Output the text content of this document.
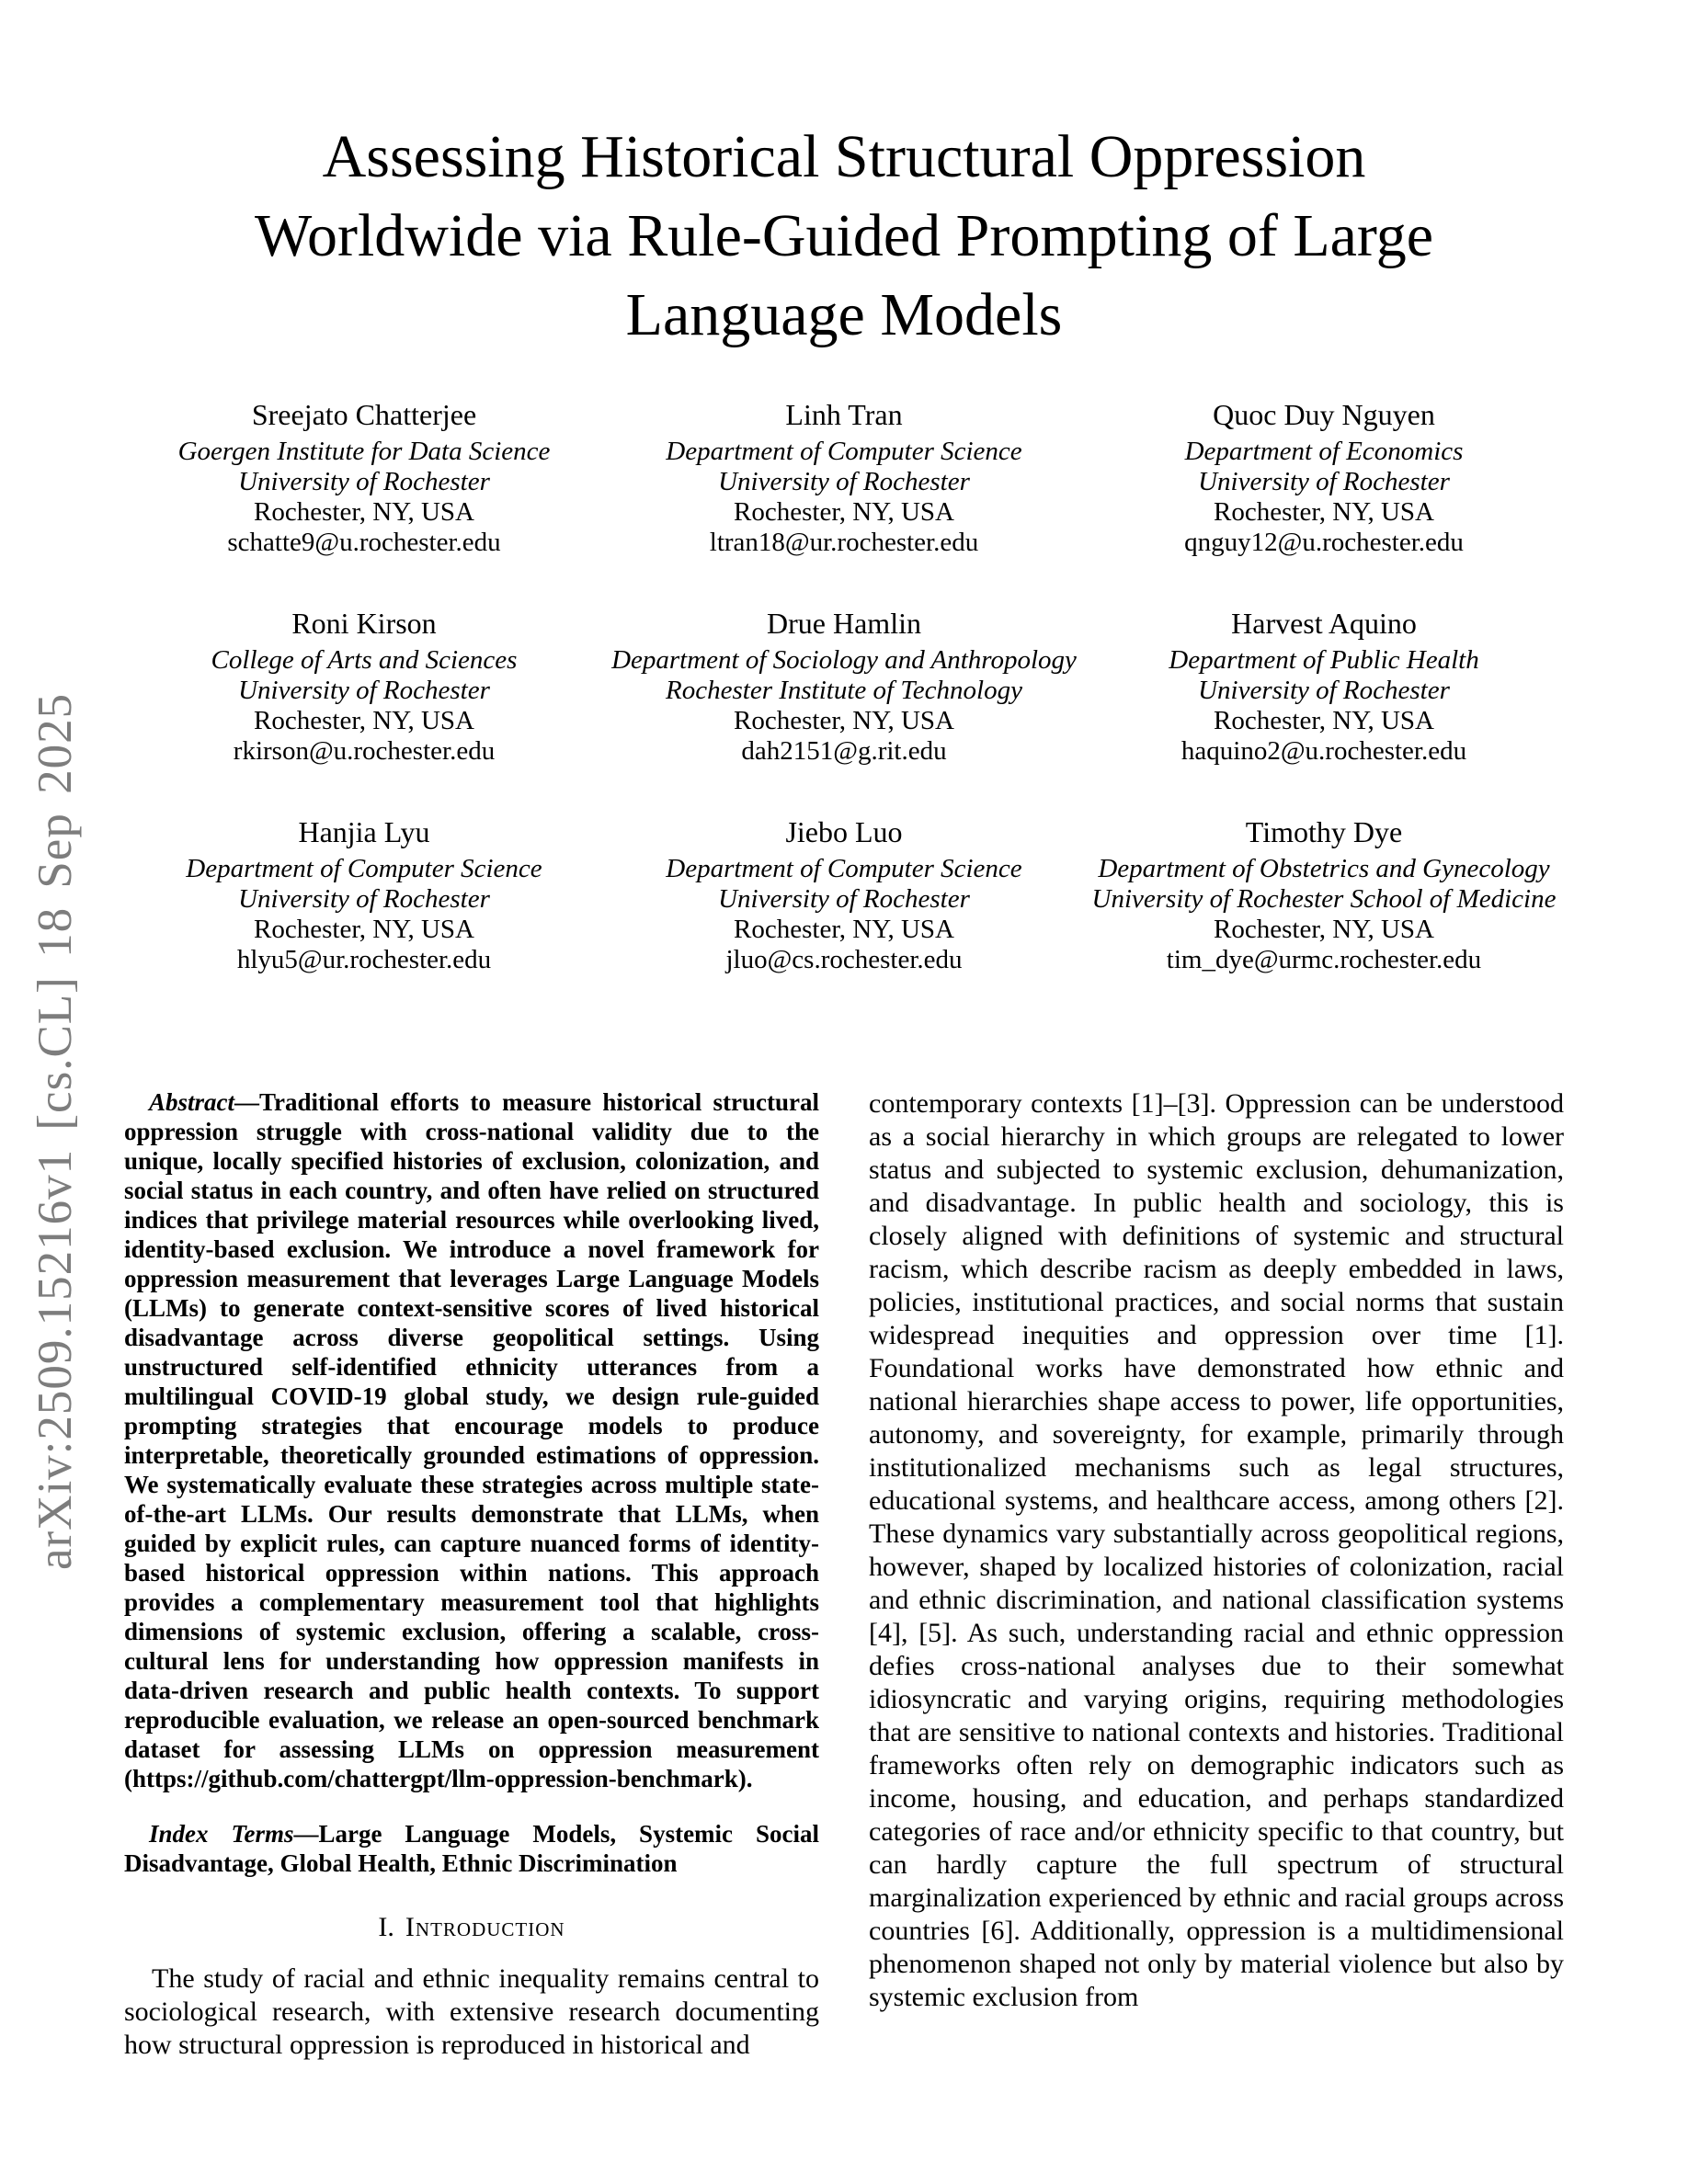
arXiv:2509.15216v1 [cs.CL] 18 Sep 2025
Assessing Historical Structural Oppression
Worldwide via Rule-Guided Prompting of Large
Language Models
Sreejato Chatterjee
Goergen Institute for Data Science
University of Rochester
Rochester, NY, USA
schatte9@u.rochester.edu
Linh Tran
Department of Computer Science
University of Rochester
Rochester, NY, USA
ltran18@ur.rochester.edu
Quoc Duy Nguyen
Department of Economics
University of Rochester
Rochester, NY, USA
qnguy12@u.rochester.edu
Roni Kirson
College of Arts and Sciences
University of Rochester
Rochester, NY, USA
rkirson@u.rochester.edu
Drue Hamlin
Department of Sociology and Anthropology
Rochester Institute of Technology
Rochester, NY, USA
dah2151@g.rit.edu
Harvest Aquino
Department of Public Health
University of Rochester
Rochester, NY, USA
haquino2@u.rochester.edu
Hanjia Lyu
Department of Computer Science
University of Rochester
Rochester, NY, USA
hlyu5@ur.rochester.edu
Jiebo Luo
Department of Computer Science
University of Rochester
Rochester, NY, USA
jluo@cs.rochester.edu
Timothy Dye
Department of Obstetrics and Gynecology
University of Rochester School of Medicine
Rochester, NY, USA
tim_dye@urmc.rochester.edu

Abstract—Traditional efforts to measure historical structural oppression struggle with cross-national validity due to the unique, locally specified histories of exclusion, colonization, and social status in each country, and often have relied on structured indices that privilege material resources while overlooking lived, identity-based exclusion. We introduce a novel framework for oppression measurement that leverages Large Language Models (LLMs) to generate context-sensitive scores of lived historical disadvantage across diverse geopolitical settings. Using unstructured self-identified ethnicity utterances from a multilingual COVID-19 global study, we design rule-guided prompting strategies that encourage models to produce interpretable, theoretically grounded estimations of oppression. We systematically evaluate these strategies across multiple state-of-the-art LLMs. Our results demonstrate that LLMs, when guided by explicit rules, can capture nuanced forms of identity-based historical oppression within nations. This approach provides a complementary measurement tool that highlights dimensions of systemic exclusion, offering a scalable, cross-cultural lens for understanding how oppression manifests in data-driven research and public health contexts. To support reproducible evaluation, we release an open-sourced benchmark dataset for assessing LLMs on oppression measurement (https://github.com/chattergpt/llm-oppression-benchmark).

Index Terms—Large Language Models, Systemic Social Disadvantage, Global Health, Ethnic Discrimination

I. Introduction

The study of racial and ethnic inequality remains central to sociological research, with extensive research documenting how structural oppression is reproduced in historical and

contemporary contexts [1]–[3]. Oppression can be understood as a social hierarchy in which groups are relegated to lower status and subjected to systemic exclusion, dehumanization, and disadvantage. In public health and sociology, this is closely aligned with definitions of systemic and structural racism, which describe racism as deeply embedded in laws, policies, institutional practices, and social norms that sustain widespread inequities and oppression over time [1]. Foundational works have demonstrated how ethnic and national hierarchies shape access to power, life opportunities, autonomy, and sovereignty, for example, primarily through institutionalized mechanisms such as legal structures, educational systems, and healthcare access, among others [2]. These dynamics vary substantially across geopolitical regions, however, shaped by localized histories of colonization, racial and ethnic discrimination, and national classification systems [4], [5]. As such, understanding racial and ethnic oppression defies cross-national analyses due to their somewhat idiosyncratic and varying origins, requiring methodologies that are sensitive to national contexts and histories. Traditional frameworks often rely on demographic indicators such as income, housing, and education, and perhaps standardized categories of race and/or ethnicity specific to that country, but can hardly capture the full spectrum of structural marginalization experienced by ethnic and racial groups across countries [6]. Additionally, oppression is a multidimensional phenomenon shaped not only by material violence but also by systemic exclusion from
